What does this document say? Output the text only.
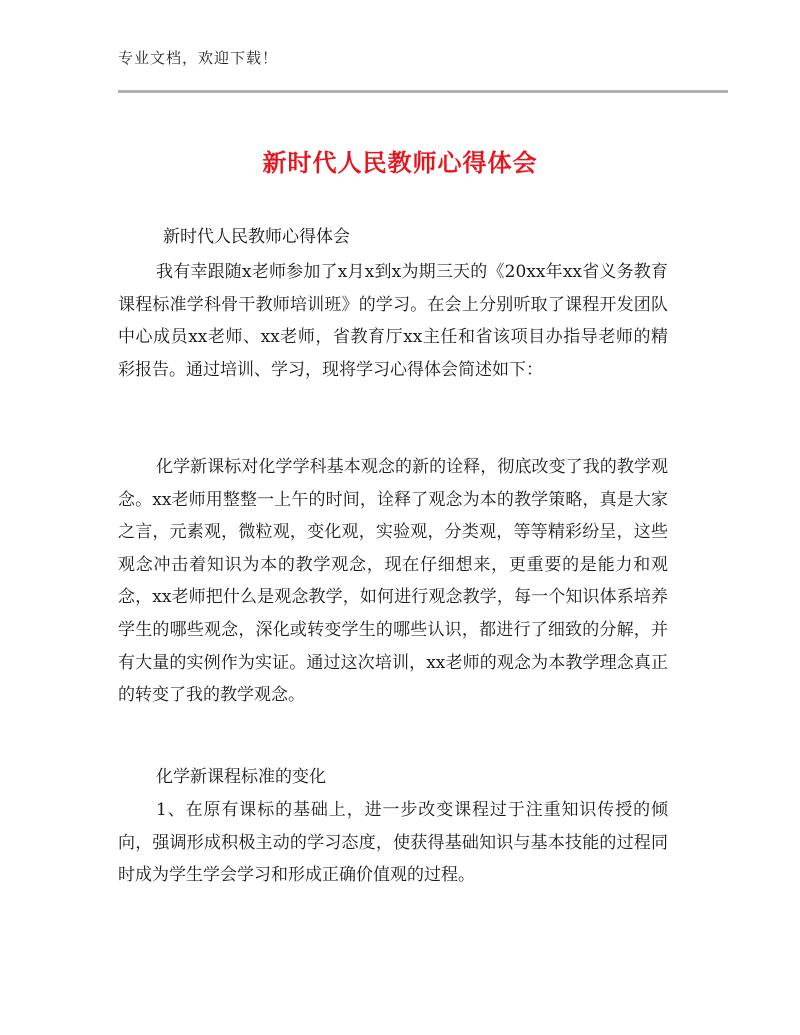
专业文档，欢迎下载！
新时代人民教师心得体会
新时代人民教师心得体会

我有幸跟随x老师参加了x月x到x为期三天的《20xx年xx省义务教育课程标准学科骨干教师培训班》的学习。在会上分别听取了课程开发团队中心成员xx老师、xx老师，省教育厅xx主任和省该项目办指导老师的精彩报告。通过培训、学习，现将学习心得体会简述如下：

化学新课标对化学学科基本观念的新的诠释，彻底改变了我的教学观念。xx老师用整整一上午的时间，诠释了观念为本的教学策略，真是大家之言，元素观，微粒观，变化观，实验观，分类观，等等精彩纷呈，这些观念冲击着知识为本的教学观念，现在仔细想来，更重要的是能力和观念，xx老师把什么是观念教学，如何进行观念教学，每一个知识体系培养学生的哪些观念，深化或转变学生的哪些认识，都进行了细致的分解，并有大量的实例作为实证。通过这次培训，xx老师的观念为本教学理念真正的转变了我的教学观念。

化学新课程标准的变化

1、在原有课标的基础上，进一步改变课程过于注重知识传授的倾向，强调形成积极主动的学习态度，使获得基础知识与基本技能的过程同时成为学生学会学习和形成正确价值观的过程。
